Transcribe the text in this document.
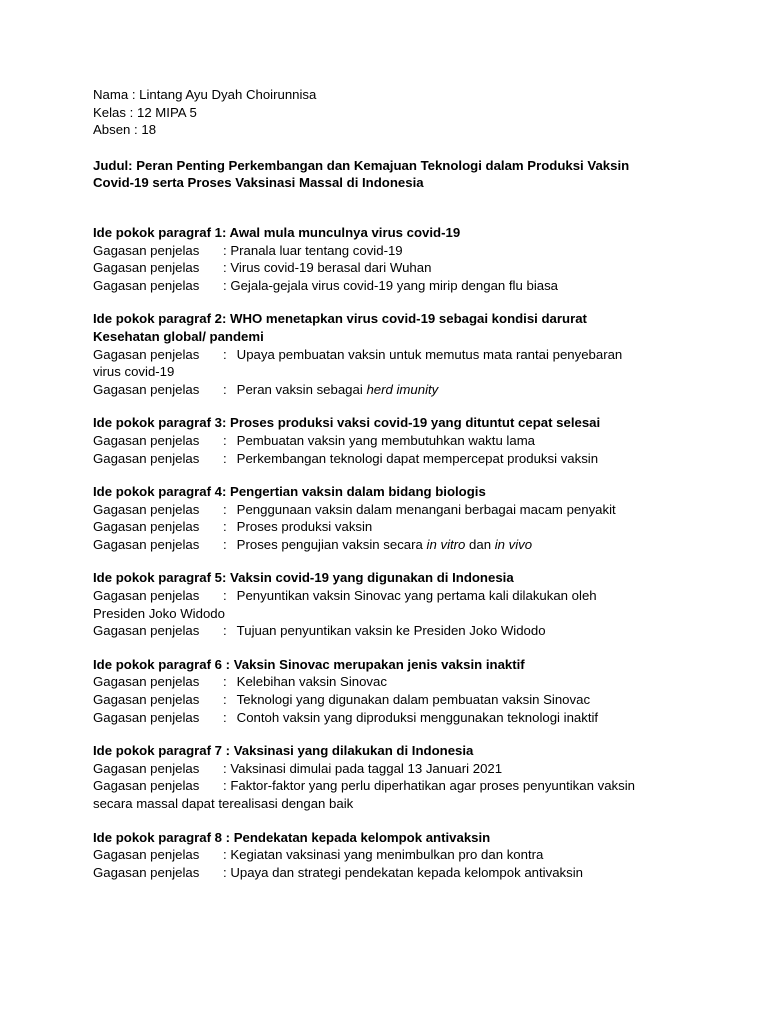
Nama : Lintang Ayu Dyah Choirunnisa
Kelas : 12 MIPA 5
Absen : 18
Judul: Peran Penting Perkembangan dan Kemajuan Teknologi dalam Produksi Vaksin
Covid-19 serta Proses Vaksinasi Massal di Indonesia
Ide pokok paragraf 1: Awal mula munculnya virus covid-19
Gagasan penjelas : Pranala luar tentang covid-19
Gagasan penjelas : Virus covid-19 berasal dari Wuhan
Gagasan penjelas : Gejala-gejala virus covid-19 yang mirip dengan flu biasa
Ide pokok paragraf 2: WHO menetapkan virus covid-19 sebagai kondisi darurat
Kesehatan global/ pandemi
Gagasan penjelas : Upaya pembuatan vaksin untuk memutus mata rantai penyebaran
virus covid-19
Gagasan penjelas : Peran vaksin sebagai herd imunity
Ide pokok paragraf 3: Proses produksi vaksi covid-19 yang dituntut cepat selesai
Gagasan penjelas : Pembuatan vaksin yang membutuhkan waktu lama
Gagasan penjelas : Perkembangan teknologi dapat mempercepat produksi vaksin
Ide pokok paragraf 4: Pengertian vaksin dalam bidang biologis
Gagasan penjelas : Penggunaan vaksin dalam menangani berbagai macam penyakit
Gagasan penjelas : Proses produksi vaksin
Gagasan penjelas : Proses pengujian vaksin secara in vitro dan in vivo
Ide pokok paragraf 5: Vaksin covid-19 yang digunakan di Indonesia
Gagasan penjelas : Penyuntikan vaksin Sinovac yang pertama kali dilakukan oleh
Presiden Joko Widodo
Gagasan penjelas : Tujuan penyuntikan vaksin ke Presiden Joko Widodo
Ide pokok paragraf 6 : Vaksin Sinovac merupakan jenis vaksin inaktif
Gagasan penjelas : Kelebihan vaksin Sinovac
Gagasan penjelas : Teknologi yang digunakan dalam pembuatan vaksin Sinovac
Gagasan penjelas : Contoh vaksin yang diproduksi menggunakan teknologi inaktif
Ide pokok paragraf 7 : Vaksinasi yang dilakukan di Indonesia
Gagasan penjelas : Vaksinasi dimulai pada taggal 13 Januari 2021
Gagasan penjelas : Faktor-faktor yang perlu diperhatikan agar proses penyuntikan vaksin
secara massal dapat terealisasi dengan baik
Ide pokok paragraf 8 : Pendekatan kepada kelompok antivaksin
Gagasan penjelas : Kegiatan vaksinasi yang menimbulkan pro dan kontra
Gagasan penjelas : Upaya dan strategi pendekatan kepada kelompok antivaksin
